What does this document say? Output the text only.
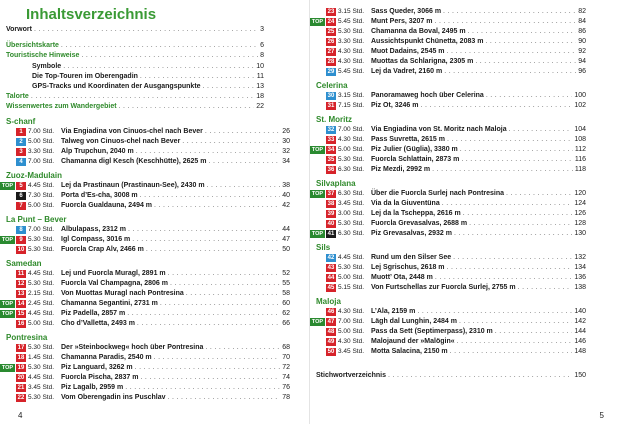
Inhaltsverzeichnis
Vorwort . . .	3
Übersichtskarte . . .	6
Touristische Hinweise . . .	8
Symbole . . .	10
Die Top-Touren im Oberengadin . . .	11
GPS-Tracks und Koordinaten der Ausgangspunkte . . .	13
Talorte . . .	18
Wissenwertes zum Wandergebiet . . .	22
S-chanf
1 7.00 Std. Via Engiadina von Cinuos-chel nach Bever . . .	26
2 5.00 Std. Talweg von Cinuos-chel nach Bever . . .	30
3 3.30 Std. Alp Trupchun, 2040 m . . .	32
4 7.00 Std. Chamanna digl Kesch (Keschhütte), 2625 m . . .	34
Zuoz-Madulain
TOP	5 4.45 Std. Lej da Prastinaun (Prastinaun-See), 2430 m . . .	38
6 7.30 Std. Porta d’Es-cha, 3008 m . . .	40
7 5.00 Std. Fuorcla Gualdauna, 2494 m . . .	42
La Punt – Bever
8 7.00 Std. Albulapass, 2312 m . . .	44
TOP	9 5.30 Std. Igl Compass, 3016 m . . .	47
10 5.30 Std. Fuorcla Crap Alv, 2466 m . . .	50
Samedan
11 4.45 Std. Lej und Fuorcla Muragl, 2891 m . . .	52
12 5.30 Std. Fuorcla Val Champagna, 2806 m . . .	55
13 2.15 Std. Von Muottas Muragl nach Pontresina . . .	58
TOP 14 2.45 Std. Chamanna Segantini, 2731 m . . .	60
TOP 15 4.45 Std. Piz Padella, 2857 m . . .	62
16 5.00 Std. Cho d’Valletta, 2493 m . . .	66
Pontresina
17 5.30 Std. Der »Steinbockweg« hoch über Pontresina . . .	68
18 1.45 Std. Chamanna Paradis, 2540 m . . .	70
TOP 19 5.30 Std. Piz Languard, 3262 m . . .	72
20 4.45 Std. Fuorcla Pischa, 2837 m . . .	74
21 3.45 Std. Piz Lagalb, 2959 m . . .	76
22 5.30 Std. Vom Oberengadin ins Puschlav . . .	78
4
23 3.15 Std. Sass Queder, 3066 m . . .	82
TOP 24 5.45 Std. Munt Pers, 3207 m . . .	84
25 5.30 Std. Chamanna da Boval, 2495 m . . .	86
26 3.30 Std. Aussichtspunkt Chünetta, 2083 m . . .	90
27 4.30 Std. Muot Dadains, 2545 m . . .	92
28 4.30 Std. Muottas da Schlarigna, 2305 m . . .	94
29 5.45 Std. Lej da Vadret, 2160 m . . .	96
Celerina
30 3.15 Std. Panoramaweg hoch über Celerina . . .	100
31 7.15 Std. Piz Ot, 3246 m . . .	102
St. Moritz
32 7.00 Std. Via Engiadina von St. Moritz nach Maloja . . .	104
33 4.30 Std. Pass Suvretta, 2615 m . . .	108
TOP 34 5.00 Std. Piz Julier (Güglia), 3380 m . . .	112
35 5.30 Std. Fuorcla Schlattain, 2873 m . . .	116
36 6.30 Std. Piz Mezdi, 2992 m . . .	118
Silvaplana
TOP 37 6.30 Std. Über die Fuorcla Surlej nach Pontresina . . .	120
38 3.45 Std. Via da la Giuventüna . . .	124
39 3.00 Std. Lej da la Tscheppa, 2616 m . . .	126
40 5.30 Std. Fuorcla Grevasalvas, 2688 m . . .	128
TOP 41 6.30 Std. Piz Grevasalvas, 2932 m . . .	130
Sils
42 4.45 Std. Rund um den Silser See . . .	132
43 5.30 Std. Lej Sgrischus, 2618 m . . .	134
44 5.00 Std. Muott’ Ota, 2448 m . . .	136
45 5.15 Std. Von Furtschellas zur Fuorcla Surlej, 2755 m . . .	138
Maloja
46 4.30 Std. L’Ala, 2159 m . . .	140
TOP 47 7.00 Std. Lägh dal Lunghin, 2484 m . . .	142
48 5.00 Std. Pass da Sett (Septimerpass), 2310 m . . .	144
49 4.30 Std. Malojaund der »Malögin« . . .	146
50 3.45 Std. Motta Salacina, 2150 m . . .	148
Stichwortverzeichnis . . .	150
5
